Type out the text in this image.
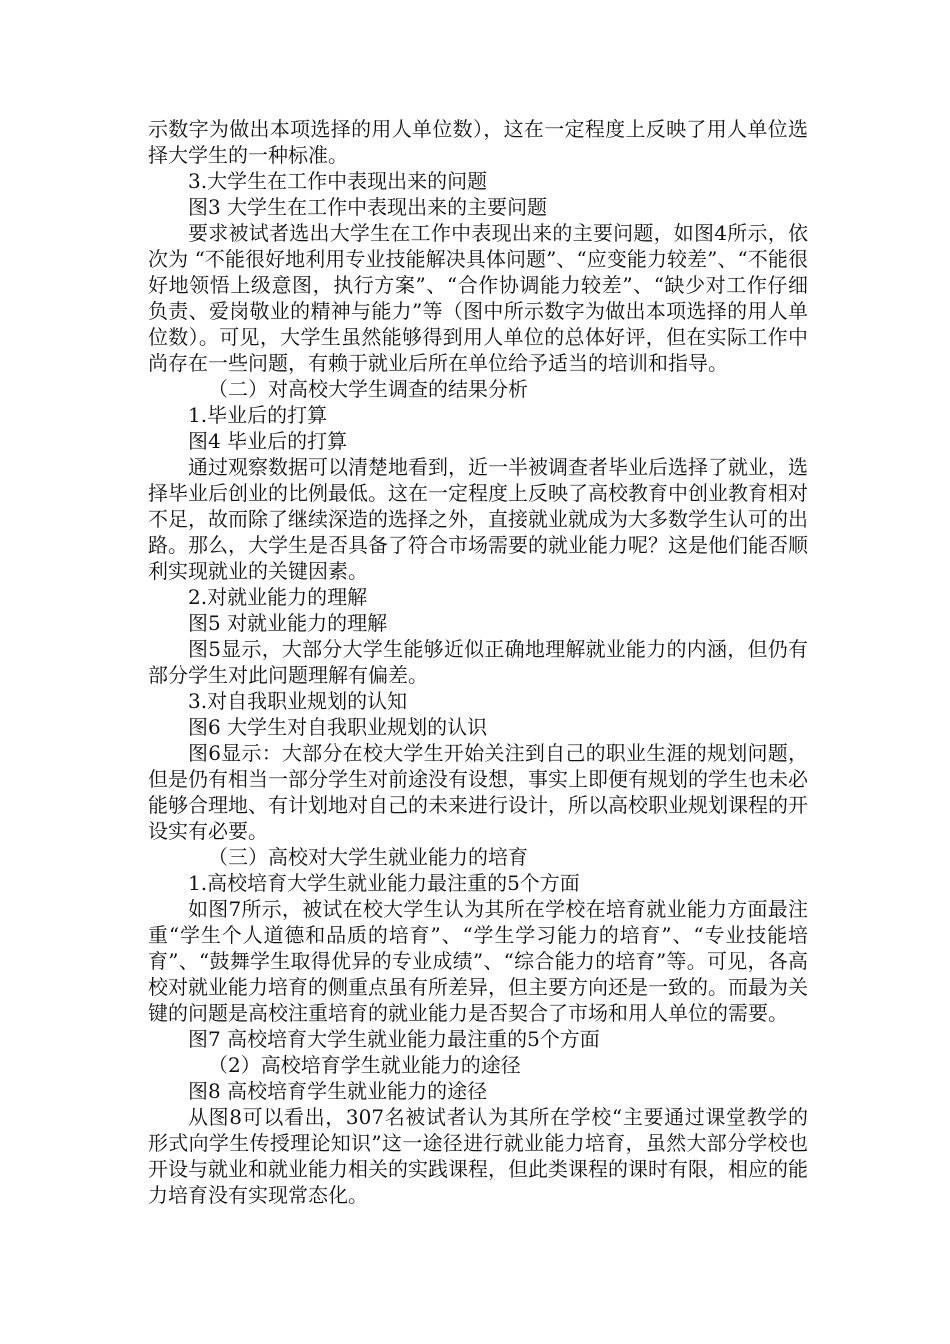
示数字为做出本项选择的用人单位数），这在一定程度上反映了用人单位选择大学生的一种标准。

3.大学生在工作中表现出来的问题

图3 大学生在工作中表现出来的主要问题

要求被试者选出大学生在工作中表现出来的主要问题，如图4所示，依次为 “不能很好地利用专业技能解决具体问题”、“应变能力较差”、“不能很好地领悟上级意图，执行方案”、“合作协调能力较差”、“缺少对工作仔细负责、爱岗敬业的精神与能力”等（图中所示数字为做出本项选择的用人单位数）。可见，大学生虽然能够得到用人单位的总体好评，但在实际工作中尚存在一些问题，有赖于就业后所在单位给予适当的培训和指导。

（二）对高校大学生调查的结果分析

1.毕业后的打算

图4 毕业后的打算

通过观察数据可以清楚地看到，近一半被调查者毕业后选择了就业，选择毕业后创业的比例最低。这在一定程度上反映了高校教育中创业教育相对不足，故而除了继续深造的选择之外，直接就业就成为大多数学生认可的出路。那么，大学生是否具备了符合市场需要的就业能力呢？这是他们能否顺利实现就业的关键因素。

2.对就业能力的理解

图5 对就业能力的理解

图5显示，大部分大学生能够近似正确地理解就业能力的内涵，但仍有部分学生对此问题理解有偏差。

3.对自我职业规划的认知

图6 大学生对自我职业规划的认识

图6显示：大部分在校大学生开始关注到自己的职业生涯的规划问题，但是仍有相当一部分学生对前途没有设想，事实上即便有规划的学生也未必能够合理地、有计划地对自己的未来进行设计，所以高校职业规划课程的开设实有必要。

（三）高校对大学生就业能力的培育

1.高校培育大学生就业能力最注重的5个方面

如图7所示，被试在校大学生认为其所在学校在培育就业能力方面最注重“学生个人道德和品质的培育”、“学生学习能力的培育”、“专业技能培育”、“鼓舞学生取得优异的专业成绩”、“综合能力的培育”等。可见，各高校对就业能力培育的侧重点虽有所差异，但主要方向还是一致的。而最为关键的问题是高校注重培育的就业能力是否契合了市场和用人单位的需要。

图7 高校培育大学生就业能力最注重的5个方面

（2）高校培育学生就业能力的途径

图8 高校培育学生就业能力的途径

从图8可以看出，307名被试者认为其所在学校“主要通过课堂教学的形式向学生传授理论知识”这一途径进行就业能力培育，虽然大部分学校也开设与就业和就业能力相关的实践课程，但此类课程的课时有限，相应的能力培育没有实现常态化。
